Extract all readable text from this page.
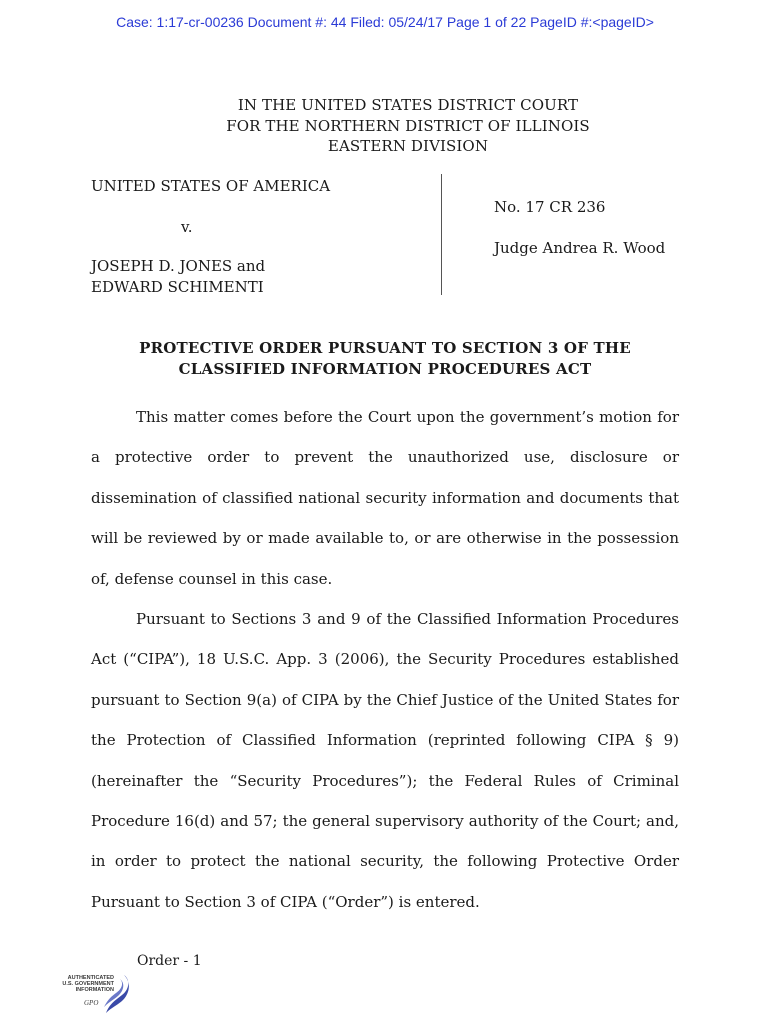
Case: 1:17-cr-00236 Document #: 44 Filed: 05/24/17 Page 1 of 22 PageID #:<pageID>
IN THE UNITED STATES DISTRICT COURT
FOR THE NORTHERN DISTRICT OF ILLINOIS
EASTERN DIVISION
UNITED STATES OF AMERICA
v.
JOSEPH D. JONES and
EDWARD SCHIMENTI
No. 17 CR 236
Judge Andrea R. Wood
PROTECTIVE ORDER PURSUANT TO SECTION 3 OF THE
CLASSIFIED INFORMATION PROCEDURES ACT

This matter comes before the Court upon the government’s motion for a protective order to prevent the unauthorized use, disclosure or dissemination of classified national security information and documents that will be reviewed by or made available to, or are otherwise in the possession of, defense counsel in this case.

Pursuant to Sections 3 and 9 of the Classified Information Procedures Act (“CIPA”), 18 U.S.C. App. 3 (2006), the Security Procedures established pursuant to Section 9(a) of CIPA by the Chief Justice of the United States for the Protection of Classified Information (reprinted following CIPA § 9) (hereinafter the “Security Procedures”); the Federal Rules of Criminal Procedure 16(d) and 57; the general supervisory authority of the Court; and, in order to protect the national security, the following Protective Order Pursuant to Section 3 of CIPA (“Order”) is entered.

Order - 1
AUTHENTICATED
U.S. GOVERNMENT
INFORMATION
GPO
